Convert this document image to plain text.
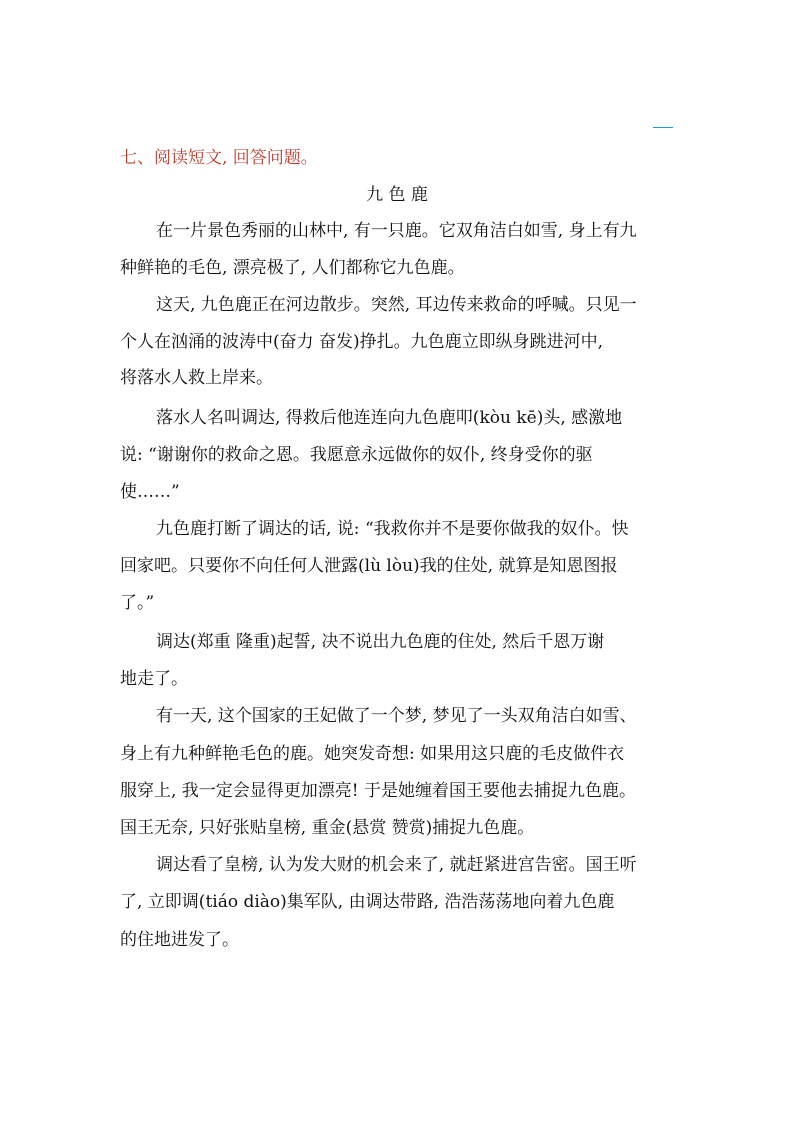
七、阅读短文, 回答问题。
九 色 鹿
在一片景色秀丽的山林中, 有一只鹿。它双角洁白如雪, 身上有九
种鲜艳的毛色, 漂亮极了, 人们都称它九色鹿。
这天, 九色鹿正在河边散步。突然, 耳边传来救命的呼喊。只见一
个人在汹涌的波涛中(奋力 奋发)挣扎。九色鹿立即纵身跳进河中,
将落水人救上岸来。
落水人名叫调达, 得救后他连连向九色鹿叩(kòu kē)头, 感激地
说: “谢谢你的救命之恩。我愿意永远做你的奴仆, 终身受你的驱
使……”
九色鹿打断了调达的话, 说: “我救你并不是要你做我的奴仆。快
回家吧。只要你不向任何人泄露(lù lòu)我的住处, 就算是知恩图报
了。”
调达(郑重 隆重)起誓, 决不说出九色鹿的住处, 然后千恩万谢
地走了。
有一天, 这个国家的王妃做了一个梦, 梦见了一头双角洁白如雪、
身上有九种鲜艳毛色的鹿。她突发奇想: 如果用这只鹿的毛皮做件衣
服穿上, 我一定会显得更加漂亮! 于是她缠着国王要他去捕捉九色鹿。
国王无奈, 只好张贴皇榜, 重金(悬赏 赞赏)捕捉九色鹿。
调达看了皇榜, 认为发大财的机会来了, 就赶紧进宫告密。国王听
了, 立即调(tiáo diào)集军队, 由调达带路, 浩浩荡荡地向着九色鹿
的住地进发了。
